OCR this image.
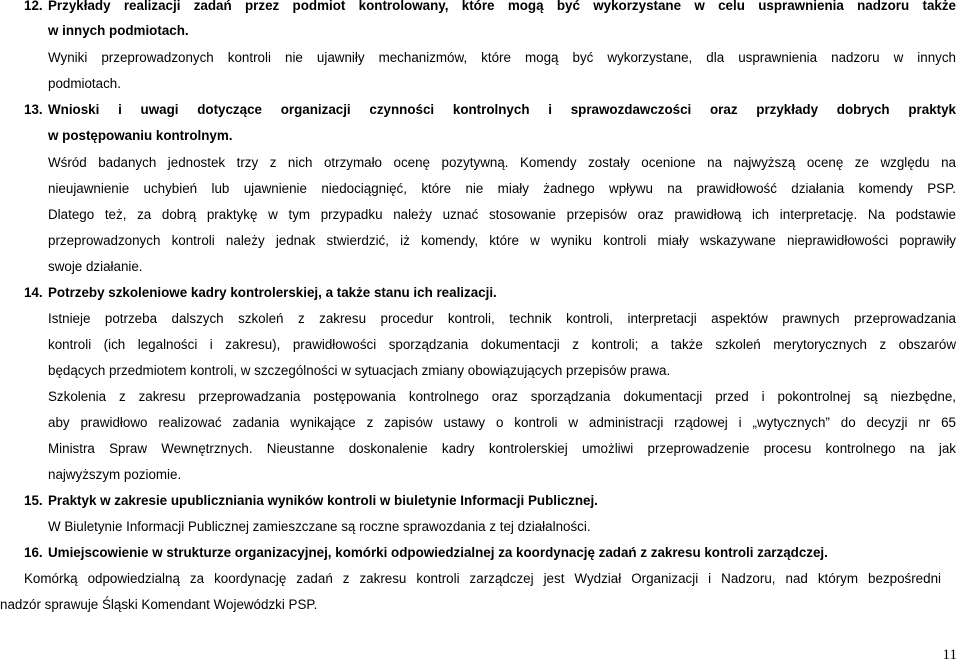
12. Przykłady realizacji zadań przez podmiot kontrolowany, które mogą być wykorzystane w celu usprawnienia nadzoru także
w innych podmiotach.
Wyniki przeprowadzonych kontroli nie ujawniły mechanizmów, które mogą być wykorzystane, dla usprawnienia nadzoru w innych
podmiotach.
13. Wnioski i uwagi dotyczące organizacji czynności kontrolnych i sprawozdawczości oraz przykłady dobrych praktyk
w postępowaniu kontrolnym.
Wśród badanych jednostek trzy z nich otrzymało ocenę pozytywną. Komendy zostały ocenione na najwyższą ocenę ze względu na
nieujawnienie uchybień lub ujawnienie niedociągnięć, które nie miały żadnego wpływu na prawidłowość działania komendy PSP.
Dlatego też, za dobrą praktykę w tym przypadku należy uznać stosowanie przepisów oraz prawidłową ich interpretację. Na podstawie
przeprowadzonych kontroli należy jednak stwierdzić, iż komendy, które w wyniku kontroli miały wskazywane nieprawidłowości poprawiły
swoje działanie.
14. Potrzeby szkoleniowe kadry kontrolerskiej, a także stanu ich realizacji.
Istnieje potrzeba dalszych szkoleń z zakresu procedur kontroli, technik kontroli, interpretacji aspektów prawnych przeprowadzania
kontroli (ich legalności i zakresu), prawidłowości sporządzania dokumentacji z kontroli; a także szkoleń merytorycznych z obszarów
będących przedmiotem kontroli, w szczególności w sytuacjach zmiany obowiązujących przepisów prawa.
Szkolenia z zakresu przeprowadzania postępowania kontrolnego oraz sporządzania dokumentacji przed i pokontrolnej są niezbędne,
aby prawidłowo realizować zadania wynikające z zapisów ustawy o kontroli w administracji rządowej i „wytycznych” do decyzji nr 65
Ministra Spraw Wewnętrznych. Nieustanne doskonalenie kadry kontrolerskiej umożliwi przeprowadzenie procesu kontrolnego na jak
najwyższym poziomie.
15. Praktyk w zakresie upubliczniania wyników kontroli w biuletynie Informacji Publicznej.
W Biuletynie Informacji Publicznej zamieszczane są roczne sprawozdania z tej działalności.
16. Umiejscowienie w strukturze organizacyjnej, komórki odpowiedzialnej za koordynację zadań z zakresu kontroli zarządczej.
Komórką odpowiedzialną za koordynację zadań z zakresu kontroli zarządczej jest Wydział Organizacji i Nadzoru, nad którym bezpośredni
nadzór sprawuje Śląski Komendant Wojewódzki PSP.
11
